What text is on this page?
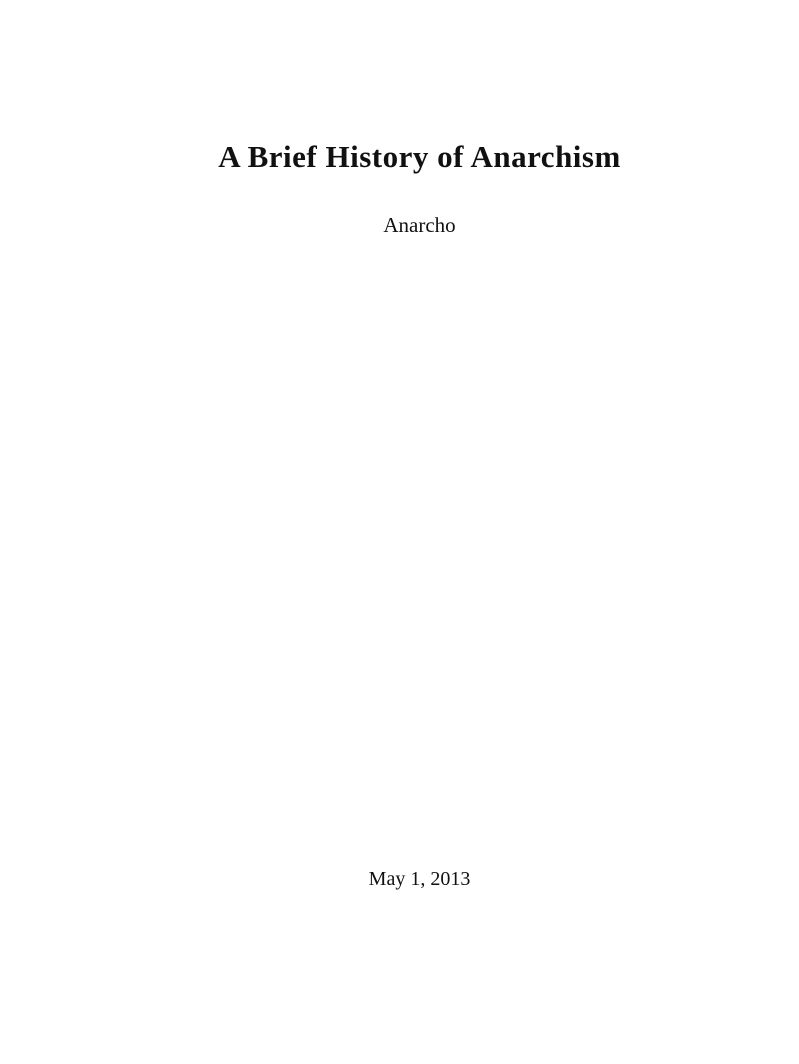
A Brief History of Anarchism
Anarcho
May 1, 2013
